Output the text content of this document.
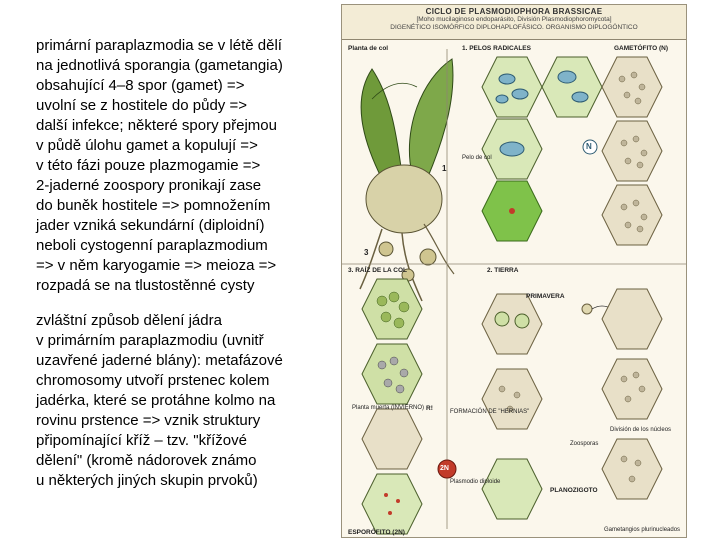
primární paraplazmodia se v létě dělí
na jednotlivá sporangia (gametangia)
obsahující 4–8 spor (gamet) =>
uvolní se z hostitele do půdy =>
další infekce; některé spory přejmou
v půdě úlohu gamet a kopulují =>
v této fázi pouze plazmogamie =>
2-jaderné zoospory pronikají zase
do buněk hostitele => pomnožením
jader vzniká sekundární (diploidní)
neboli cystogenní paraplazmodium
=> v něm karyogamie => meioza =>
rozpadá se na tlustostěnné cysty

zvláštní způsob dělení jádra
v primárním paraplazmodiu (uvnitř
uzavřené jaderné blány): metafázové
chromosomy utvoří prstenec kolem
jadérka, které se protáhne kolmo na
rovinu prstence => vznik struktury
připomínající kříž – tzv. "křížové
dělení" (kromě nádorovek známo
u některých jiných skupin prvoků)

CICLO DE PLASMODIOPHORA BRASSICAE
[Moho mucilaginoso endoparásito, División Plasmodiophoromycota]
DIGENÉTICO ISOMÓRFICO DIPLOHAPLOFÁSICO. ORGANISMO DIPLOGÓNTICO
Planta de col	1. PELOS RADICALES	GAMETÓFITO (N)
Pelo de col
3. RAÍZ DE LA COL	2. TIERRA
PRIMAVERA
Planta muerta (INVIERNO)
FORMACIÓN DE "HERNIAS"
Zoosporas
División de los núcleos
Plasmodio diploide
PLANOZIGOTO
Gametangios plurinucleados
ESPORÓFITO (2N)
N
2N
R!
1
3
